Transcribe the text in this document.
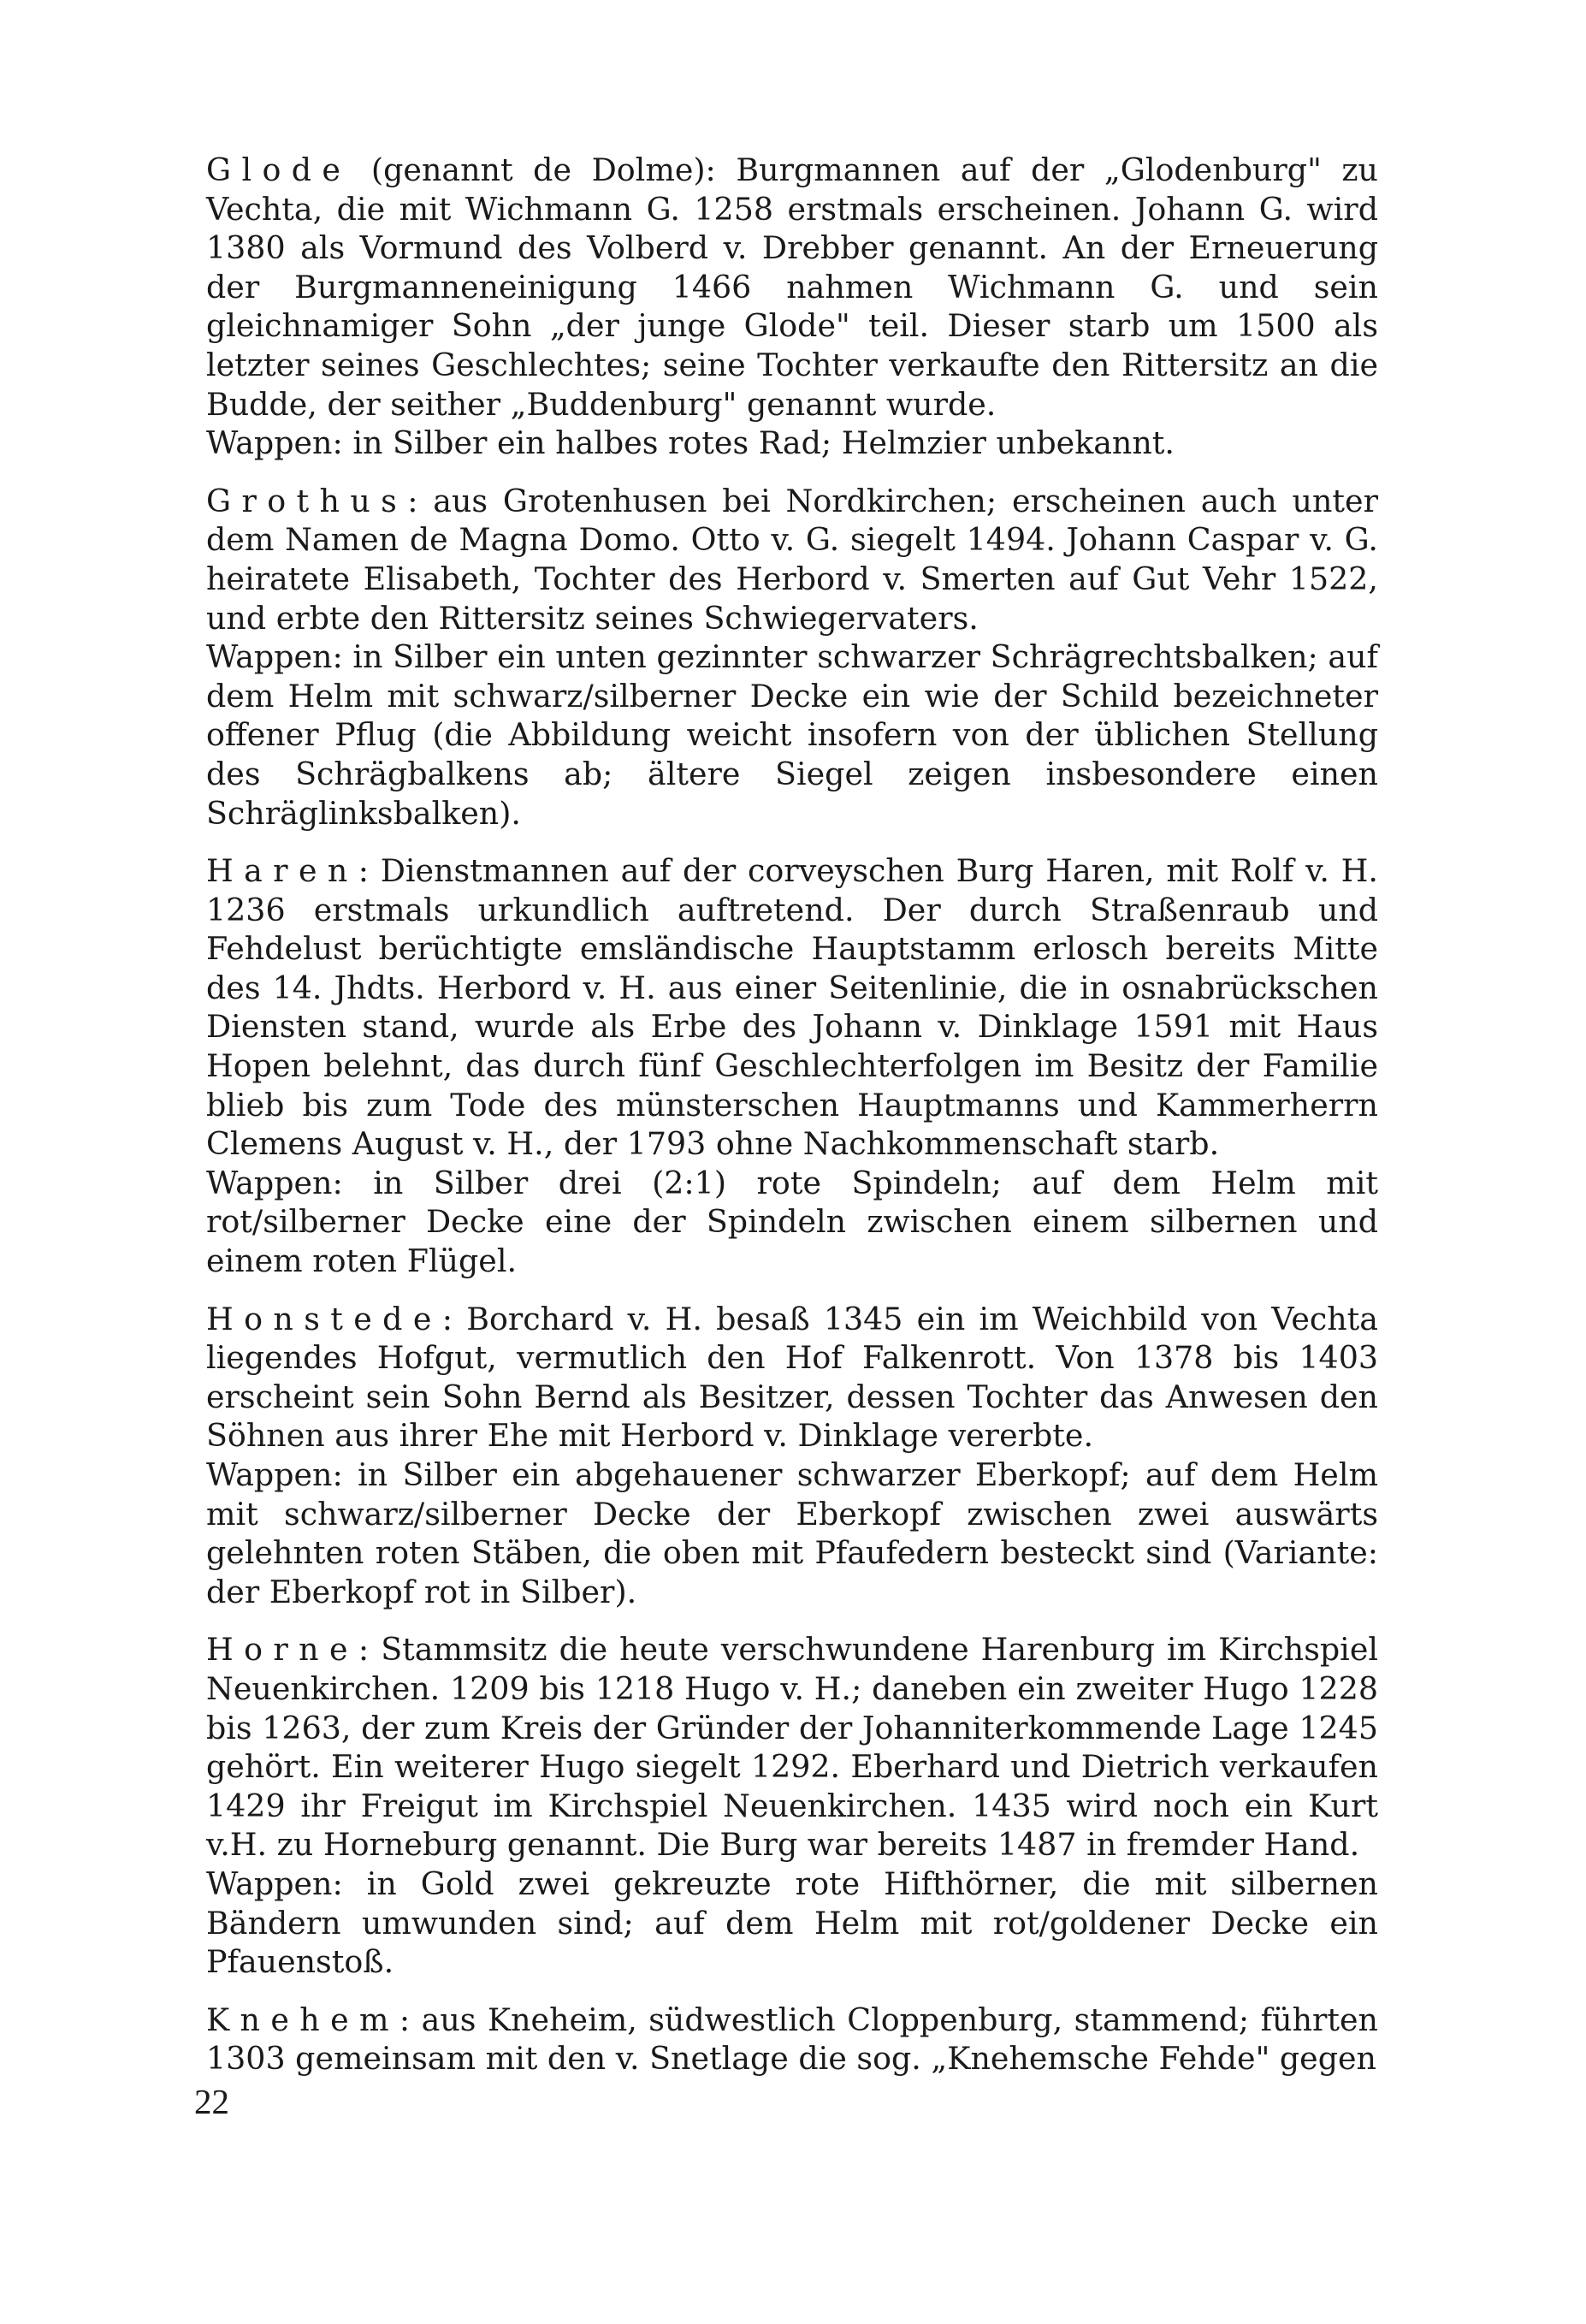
Glode (genannt de Dolme): Burgmannen auf der „Glodenburg" zu Vechta, die mit Wichmann G. 1258 erstmals erscheinen. Johann G. wird 1380 als Vormund des Volberd v. Drebber genannt. An der Erneuerung der Burgmanneneinigung 1466 nahmen Wichmann G. und sein gleichnamiger Sohn „der junge Glode" teil. Dieser starb um 1500 als letzter seines Geschlechtes; seine Tochter verkaufte den Rittersitz an die Budde, der seither „Buddenburg" genannt wurde.

Wappen: in Silber ein halbes rotes Rad; Helmzier unbekannt.

Grothus: aus Grotenhusen bei Nordkirchen; erscheinen auch unter dem Namen de Magna Domo. Otto v. G. siegelt 1494. Johann Caspar v. G. heiratete Elisabeth, Tochter des Herbord v. Smerten auf Gut Vehr 1522, und erbte den Rittersitz seines Schwiegervaters.

Wappen: in Silber ein unten gezinnter schwarzer Schrägrechtsbalken; auf dem Helm mit schwarz/silberner Decke ein wie der Schild bezeichneter offener Pflug (die Abbildung weicht insofern von der üblichen Stellung des Schrägbalkens ab; ältere Siegel zeigen insbesondere einen Schräglinksbalken).

Haren: Dienstmannen auf der corveyschen Burg Haren, mit Rolf v. H. 1236 erstmals urkundlich auftretend. Der durch Straßenraub und Fehdelust berüchtigte emsländische Hauptstamm erlosch bereits Mitte des 14. Jhdts. Herbord v. H. aus einer Seitenlinie, die in osnabrückschen Diensten stand, wurde als Erbe des Johann v. Dinklage 1591 mit Haus Hopen belehnt, das durch fünf Geschlechterfolgen im Besitz der Familie blieb bis zum Tode des münsterschen Hauptmanns und Kammerherrn Clemens August v. H., der 1793 ohne Nachkommenschaft starb.

Wappen: in Silber drei (2:1) rote Spindeln; auf dem Helm mit rot/silberner Decke eine der Spindeln zwischen einem silbernen und einem roten Flügel.

Honstede: Borchard v. H. besaß 1345 ein im Weichbild von Vechta liegendes Hofgut, vermutlich den Hof Falkenrott. Von 1378 bis 1403 erscheint sein Sohn Bernd als Besitzer, dessen Tochter das Anwesen den Söhnen aus ihrer Ehe mit Herbord v. Dinklage vererbte.

Wappen: in Silber ein abgehauener schwarzer Eberkopf; auf dem Helm mit schwarz/silberner Decke der Eberkopf zwischen zwei auswärts gelehnten roten Stäben, die oben mit Pfaufedern besteckt sind (Variante: der Eberkopf rot in Silber).

Horne: Stammsitz die heute verschwundene Harenburg im Kirchspiel Neuenkirchen. 1209 bis 1218 Hugo v. H.; daneben ein zweiter Hugo 1228 bis 1263, der zum Kreis der Gründer der Johanniterkommende Lage 1245 gehört. Ein weiterer Hugo siegelt 1292. Eberhard und Dietrich verkaufen 1429 ihr Freigut im Kirchspiel Neuenkirchen. 1435 wird noch ein Kurt v.H. zu Horneburg genannt. Die Burg war bereits 1487 in fremder Hand.

Wappen: in Gold zwei gekreuzte rote Hifthörner, die mit silbernen Bändern umwunden sind; auf dem Helm mit rot/goldener Decke ein Pfauenstoß.

Knehem: aus Kneheim, südwestlich Cloppenburg, stammend; führten 1303 gemeinsam mit den v. Snetlage die sog. „Knehemsche Fehde" gegen

22
